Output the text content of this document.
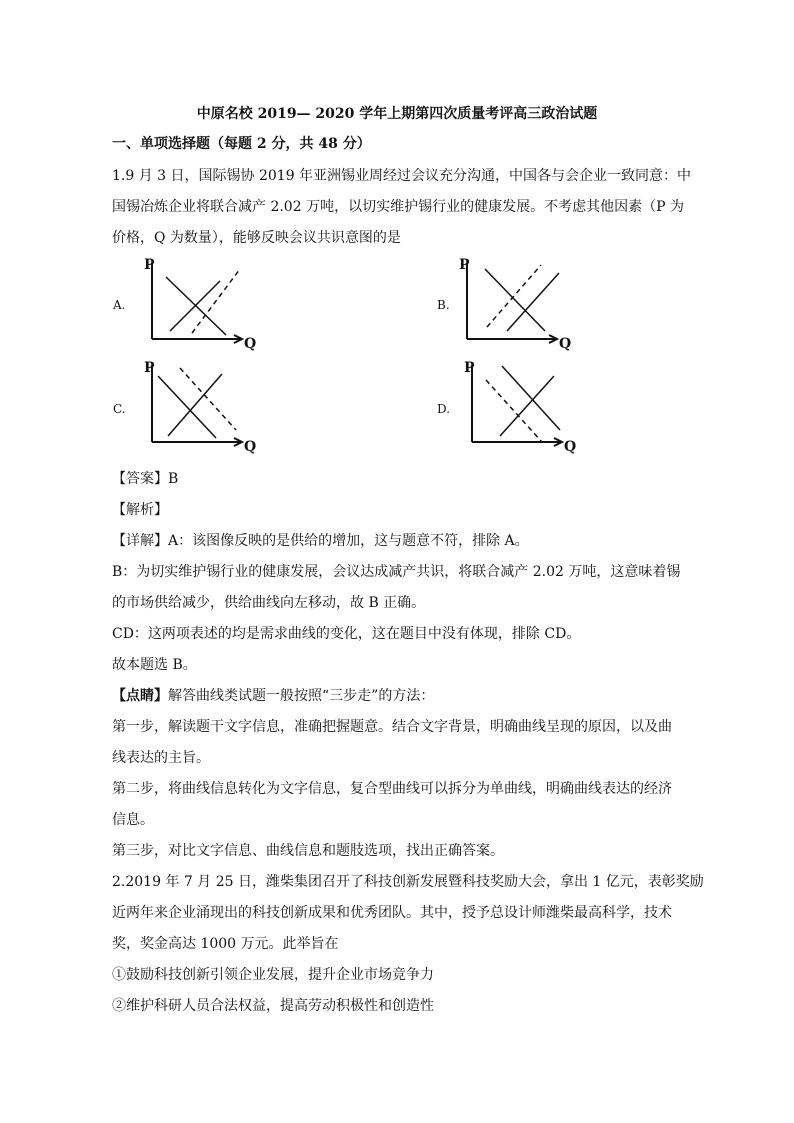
中原名校 2019— 2020 学年上期第四次质量考评高三政治试题
一、单项选择题（每题 2 分，共 48 分）
1.9 月 3 日，国际锡协 2019 年亚洲锡业周经过会议充分沟通，中国各与会企业一致同意：中
国锡冶炼企业将联合减产 2.02 万吨，以切实维护锡行业的健康发展。不考虑其他因素（P 为
价格，Q 为数量），能够反映会议共识意图的是
A.
P
Q
B.
P
Q
C.
P
Q
D.
P
Q
【答案】B
【解析】
【详解】A：该图像反映的是供给的增加，这与题意不符，排除 A。
B：为切实维护锡行业的健康发展，会议达成减产共识，将联合减产 2.02 万吨，这意味着锡
的市场供给减少，供给曲线向左移动，故 B 正确。
CD：这两项表述的均是需求曲线的变化，这在题目中没有体现，排除 CD。
故本题选 B。
【点睛】解答曲线类试题一般按照“三步走”的方法：
第一步，解读题干文字信息，准确把握题意。结合文字背景，明确曲线呈现的原因，以及曲
线表达的主旨。
第二步，将曲线信息转化为文字信息，复合型曲线可以拆分为单曲线，明确曲线表达的经济
信息。
第三步，对比文字信息、曲线信息和题肢选项，找出正确答案。
2.2019 年 7 月 25 日，潍柴集团召开了科技创新发展暨科技奖励大会，拿出 1 亿元，表彰奖励
近两年来企业涌现出的科技创新成果和优秀团队。其中，授予总设计师潍柴最高科学，技术
奖，奖金高达 1000 万元。此举旨在
①鼓励科技创新引领企业发展，提升企业市场竞争力
②维护科研人员合法权益，提高劳动积极性和创造性
